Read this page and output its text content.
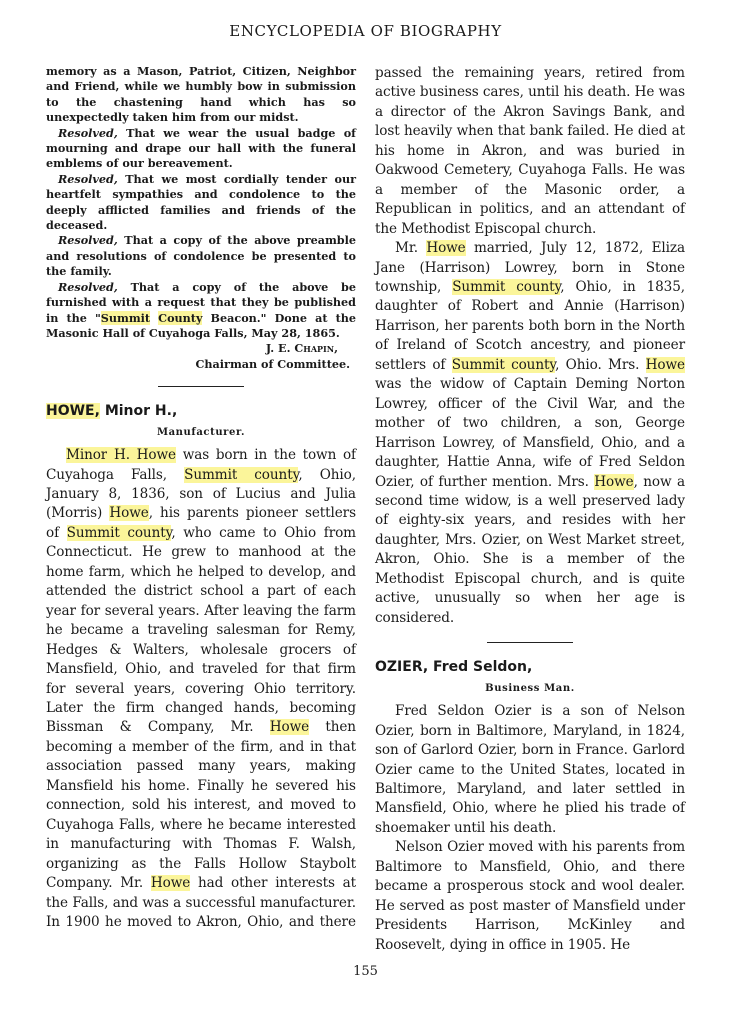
ENCYCLOPEDIA OF BIOGRAPHY

memory as a Mason, Patriot, Citizen, Neighbor and Friend, while we humbly bow in submission to the chastening hand which has so unexpectedly taken him from our midst.

Resolved, That we wear the usual badge of mourning and drape our hall with the funeral emblems of our bereavement.

Resolved, That we most cordially tender our heartfelt sympathies and condolence to the deeply afflicted families and friends of the deceased.

Resolved, That a copy of the above preamble and resolutions of condolence be presented to the family.

Resolved, That a copy of the above be furnished with a request that they be published in the "Summit County Beacon." Done at the Masonic Hall of Cuyahoga Falls, May 28, 1865.

J. E. Chapin,

Chairman of Committee.

HOWE, Minor H.,
Manufacturer.

Minor H. Howe was born in the town of Cuyahoga Falls, Summit county, Ohio, January 8, 1836, son of Lucius and Julia (Morris) Howe, his parents pioneer settlers of Summit county, who came to Ohio from Connecticut. He grew to manhood at the home farm, which he helped to develop, and attended the district school a part of each year for several years. After leaving the farm he became a traveling salesman for Remy, Hedges & Walters, wholesale grocers of Mansfield, Ohio, and traveled for that firm for several years, covering Ohio territory. Later the firm changed hands, becoming Bissman & Company, Mr. Howe then becoming a member of the firm, and in that association passed many years, making Mansfield his home. Finally he severed his connection, sold his interest, and moved to Cuyahoga Falls, where he became interested in manufacturing with Thomas F. Walsh, organizing as the Falls Hollow Staybolt Company. Mr. Howe had other interests at the Falls, and was a successful manufacturer. In 1900 he moved to Akron, Ohio, and there

passed the remaining years, retired from active business cares, until his death. He was a director of the Akron Savings Bank, and lost heavily when that bank failed. He died at his home in Akron, and was buried in Oakwood Cemetery, Cuyahoga Falls. He was a member of the Masonic order, a Republican in politics, and an attendant of the Methodist Episcopal church.

Mr. Howe married, July 12, 1872, Eliza Jane (Harrison) Lowrey, born in Stone township, Summit county, Ohio, in 1835, daughter of Robert and Annie (Harrison) Harrison, her parents both born in the North of Ireland of Scotch ancestry, and pioneer settlers of Summit county, Ohio. Mrs. Howe was the widow of Captain Deming Norton Lowrey, officer of the Civil War, and the mother of two children, a son, George Harrison Lowrey, of Mansfield, Ohio, and a daughter, Hattie Anna, wife of Fred Seldon Ozier, of further mention. Mrs. Howe, now a second time widow, is a well preserved lady of eighty-six years, and resides with her daughter, Mrs. Ozier, on West Market street, Akron, Ohio. She is a member of the Methodist Episcopal church, and is quite active, unusually so when her age is considered.

OZIER, Fred Seldon,
Business Man.

Fred Seldon Ozier is a son of Nelson Ozier, born in Baltimore, Maryland, in 1824, son of Garlord Ozier, born in France. Garlord Ozier came to the United States, located in Baltimore, Maryland, and later settled in Mansfield, Ohio, where he plied his trade of shoemaker until his death.

Nelson Ozier moved with his parents from Baltimore to Mansfield, Ohio, and there became a prosperous stock and wool dealer. He served as post master of Mansfield under Presidents Harrison, McKinley and Roosevelt, dying in office in 1905. He

155
